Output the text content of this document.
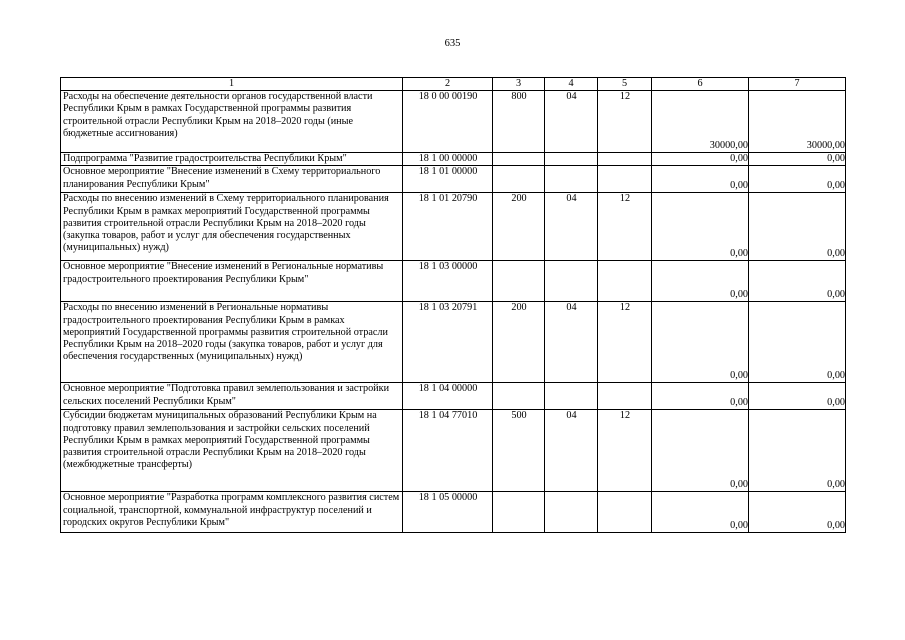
635
1	2	3	4	5	6	7
Расходы на обеспечение деятельности органов государственной власти Республики Крым в рамках Государственной программы развития строительной отрасли Республики Крым на 2018–2020 годы (иные бюджетные ассигнования)	18 0 00 00190	800	04	12	30000,00	30000,00
Подпрограмма "Развитие градостроительства Республики Крым"	18 1 00 00000				0,00	0,00
Основное мероприятие "Внесение изменений в Схему территориального планирования Республики Крым"	18 1 01 00000				0,00	0,00
Расходы по внесению изменений в Схему территориального планирования Республики Крым в рамках мероприятий Государственной программы развития строительной отрасли Республики Крым на 2018–2020 годы (закупка товаров, работ и услуг для обеспечения государственных (муниципальных) нужд)	18 1 01 20790	200	04	12	0,00	0,00
Основное мероприятие "Внесение изменений в Региональные нормативы градостроительного проектирования Республики Крым"	18 1 03 00000				0,00	0,00
Расходы по внесению изменений в Региональные нормативы градостроительного проектирования Республики Крым в рамках мероприятий Государственной программы развития строительной отрасли Республики Крым на 2018–2020 годы (закупка товаров, работ и услуг для обеспечения государственных (муниципальных) нужд)	18 1 03 20791	200	04	12	0,00	0,00
Основное мероприятие "Подготовка правил землепользования и застройки сельских поселений Республики Крым"	18 1 04 00000				0,00	0,00
Субсидии бюджетам муниципальных образований Республики Крым на подготовку правил землепользования и застройки сельских поселений Республики Крым в рамках мероприятий Государственной программы развития строительной отрасли Республики Крым на 2018–2020 годы (межбюджетные трансферты)	18 1 04 77010	500	04	12	0,00	0,00
Основное мероприятие "Разработка программ комплексного развития систем социальной, транспортной, коммунальной инфраструктур поселений и городских округов Республики Крым"	18 1 05 00000				0,00	0,00
